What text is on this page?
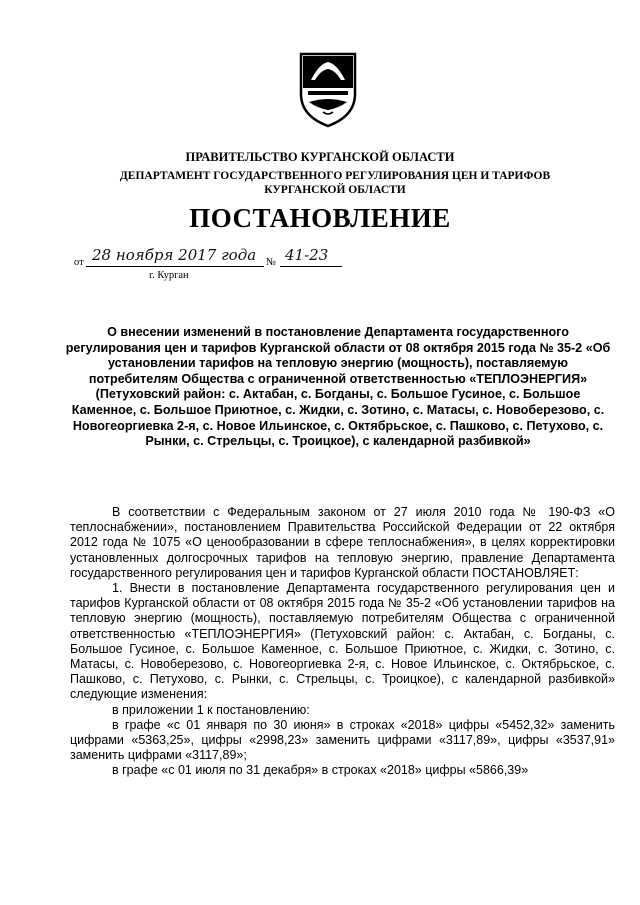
ПРАВИТЕЛЬСТВО КУРГАНСКОЙ ОБЛАСТИ
ДЕПАРТАМЕНТ ГОСУДАРСТВЕННОГО РЕГУЛИРОВАНИЯ ЦЕН И ТАРИФОВ КУРГАНСКОЙ ОБЛАСТИ
ПОСТАНОВЛЕНИЕ
от 28 ноября 2017 года № 41-23
г. Курган
О внесении изменений в постановление Департамента государственного регулирования цен и тарифов Курганской области от 08 октября 2015 года № 35-2 «Об установлении тарифов на тепловую энергию (мощность), поставляемую потребителям Общества с ограниченной ответственностью «ТЕПЛОЭНЕРГИЯ» (Петуховский район: с. Актабан, с. Богданы, с. Большое Гусиное, с. Большое Каменное, с. Большое Приютное, с. Жидки, с. Зотино, с. Матасы, с. Новоберезово, с. Новогеоргиевка 2-я, с. Новое Ильинское, с. Октябрьское, с. Пашково, с. Петухово, с. Рынки, с. Стрельцы, с. Троицкое), с календарной разбивкой»

В соответствии с Федеральным законом от 27 июля 2010 года № 190-ФЗ «О теплоснабжении», постановлением Правительства Российской Федерации от 22 октября 2012 года № 1075 «О ценообразовании в сфере теплоснабжения», в целях корректировки установленных долгосрочных тарифов на тепловую энергию, правление Департамента государственного регулирования цен и тарифов Курганской области ПОСТАНОВЛЯЕТ:

1. Внести в постановление Департамента государственного регулирования цен и тарифов Курганской области от 08 октября 2015 года № 35-2 «Об установлении тарифов на тепловую энергию (мощность), поставляемую потребителям Общества с ограниченной ответственностью «ТЕПЛОЭНЕРГИЯ» (Петуховский район: с. Актабан, с. Богданы, с. Большое Гусиное, с. Большое Каменное, с. Большое Приютное, с. Жидки, с. Зотино, с. Матасы, с. Новоберезово, с. Новогеоргиевка 2-я, с. Новое Ильинское, с. Октябрьское, с. Пашково, с. Петухово, с. Рынки, с. Стрельцы, с. Троицкое), с календарной разбивкой» следующие изменения:

в приложении 1 к постановлению:

в графе «с 01 января по 30 июня» в строках «2018» цифры «5452,32» заменить цифрами «5363,25», цифры «2998,23» заменить цифрами «3117,89», цифры «3537,91» заменить цифрами «3117,89»;

в графе «с 01 июля по 31 декабря» в строках «2018» цифры «5866,39»
